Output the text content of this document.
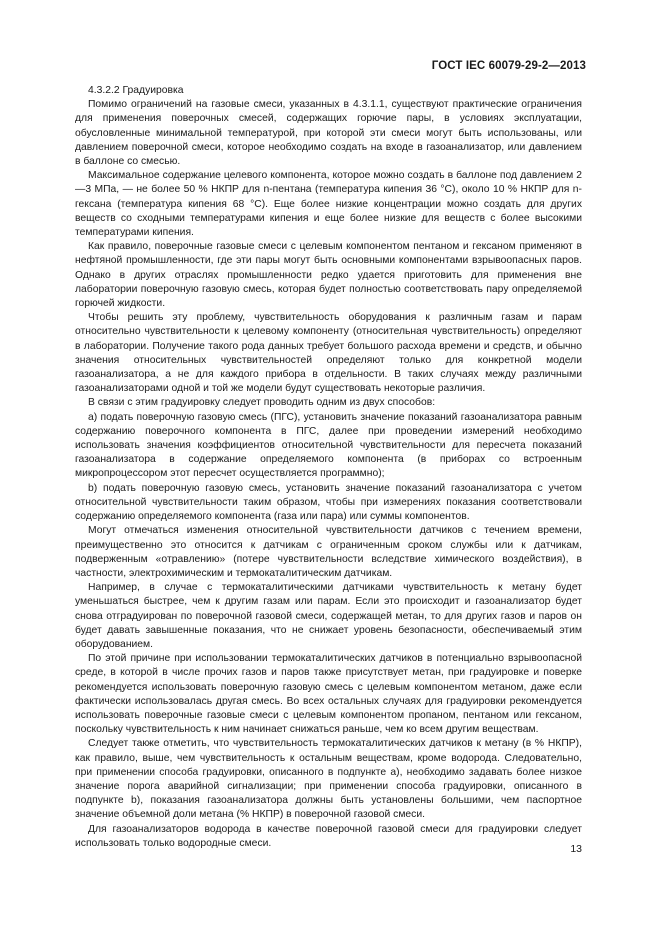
ГОСТ IEC 60079-29-2—2013

4.3.2.2 Градуировка

Помимо ограничений на газовые смеси, указанных в 4.3.1.1, существуют практические ограничения для применения поверочных смесей, содержащих горючие пары, в условиях эксплуатации, обусловленные минимальной температурой, при которой эти смеси могут быть использованы, или давлением поверочной смеси, которое необходимо создать на входе в газоанализатор, или давлением в баллоне со смесью.

Максимальное содержание целевого компонента, которое можно создать в баллоне под давлением 2—3 МПа, — не более 50 % НКПР для n-пентана (температура кипения 36 °С), около 10 % НКПР для n-гексана (температура кипения 68 °С). Еще более низкие концентрации можно создать для других веществ со сходными температурами кипения и еще более низкие для веществ с более высокими температурами кипения.

Как правило, поверочные газовые смеси с целевым компонентом пентаном и гексаном применяют в нефтяной промышленности, где эти пары могут быть основными компонентами взрывоопасных паров. Однако в других отраслях промышленности редко удается приготовить для применения вне лаборатории поверочную газовую смесь, которая будет полностью соответствовать пару определяемой горючей жидкости.

Чтобы решить эту проблему, чувствительность оборудования к различным газам и парам относительно чувствительности к целевому компоненту (относительная чувствительность) определяют в лаборатории. Получение такого рода данных требует большого расхода времени и средств, и обычно значения относительных чувствительностей определяют только для конкретной модели газоанализатора, а не для каждого прибора в отдельности. В таких случаях между различными газоанализаторами одной и той же модели будут существовать некоторые различия.

В связи с этим градуировку следует проводить одним из двух способов:

a) подать поверочную газовую смесь (ПГС), установить значение показаний газоанализатора равным содержанию поверочного компонента в ПГС, далее при проведении измерений необходимо использовать значения коэффициентов относительной чувствительности для пересчета показаний газоанализатора в содержание определяемого компонента (в приборах со встроенным микропроцессором этот пересчет осуществляется программно);

b) подать поверочную газовую смесь, установить значение показаний газоанализатора с учетом относительной чувствительности таким образом, чтобы при измерениях показания соответствовали содержанию определяемого компонента (газа или пара) или суммы компонентов.

Могут отмечаться изменения относительной чувствительности датчиков с течением времени, преимущественно это относится к датчикам с ограниченным сроком службы или к датчикам, подверженным «отравлению» (потере чувствительности вследствие химического воздействия), в частности, электрохимическим и термокаталитическим датчикам.

Например, в случае с термокаталитическими датчиками чувствительность к метану будет уменьшаться быстрее, чем к другим газам или парам. Если это происходит и газоанализатор будет снова отградуирован по поверочной газовой смеси, содержащей метан, то для других газов и паров он будет давать завышенные показания, что не снижает уровень безопасности, обеспечиваемый этим оборудованием.

По этой причине при использовании термокаталитических датчиков в потенциально взрывоопасной среде, в которой в числе прочих газов и паров также присутствует метан, при градуировке и поверке рекомендуется использовать поверочную газовую смесь с целевым компонентом метаном, даже если фактически использовалась другая смесь. Во всех остальных случаях для градуировки рекомендуется использовать поверочные газовые смеси с целевым компонентом пропаном, пентаном или гексаном, поскольку чувствительность к ним начинает снижаться раньше, чем ко всем другим веществам.

Следует также отметить, что чувствительность термокаталитических датчиков к метану (в % НКПР), как правило, выше, чем чувствительность к остальным веществам, кроме водорода. Следовательно, при применении способа градуировки, описанного в подпункте а), необходимо задавать более низкое значение порога аварийной сигнализации; при применении способа градуировки, описанного в подпункте b), показания газоанализатора должны быть установлены большими, чем паспортное значение объемной доли метана (% НКПР) в поверочной газовой смеси.

Для газоанализаторов водорода в качестве поверочной газовой смеси для градуировки следует использовать только водородные смеси.	13
